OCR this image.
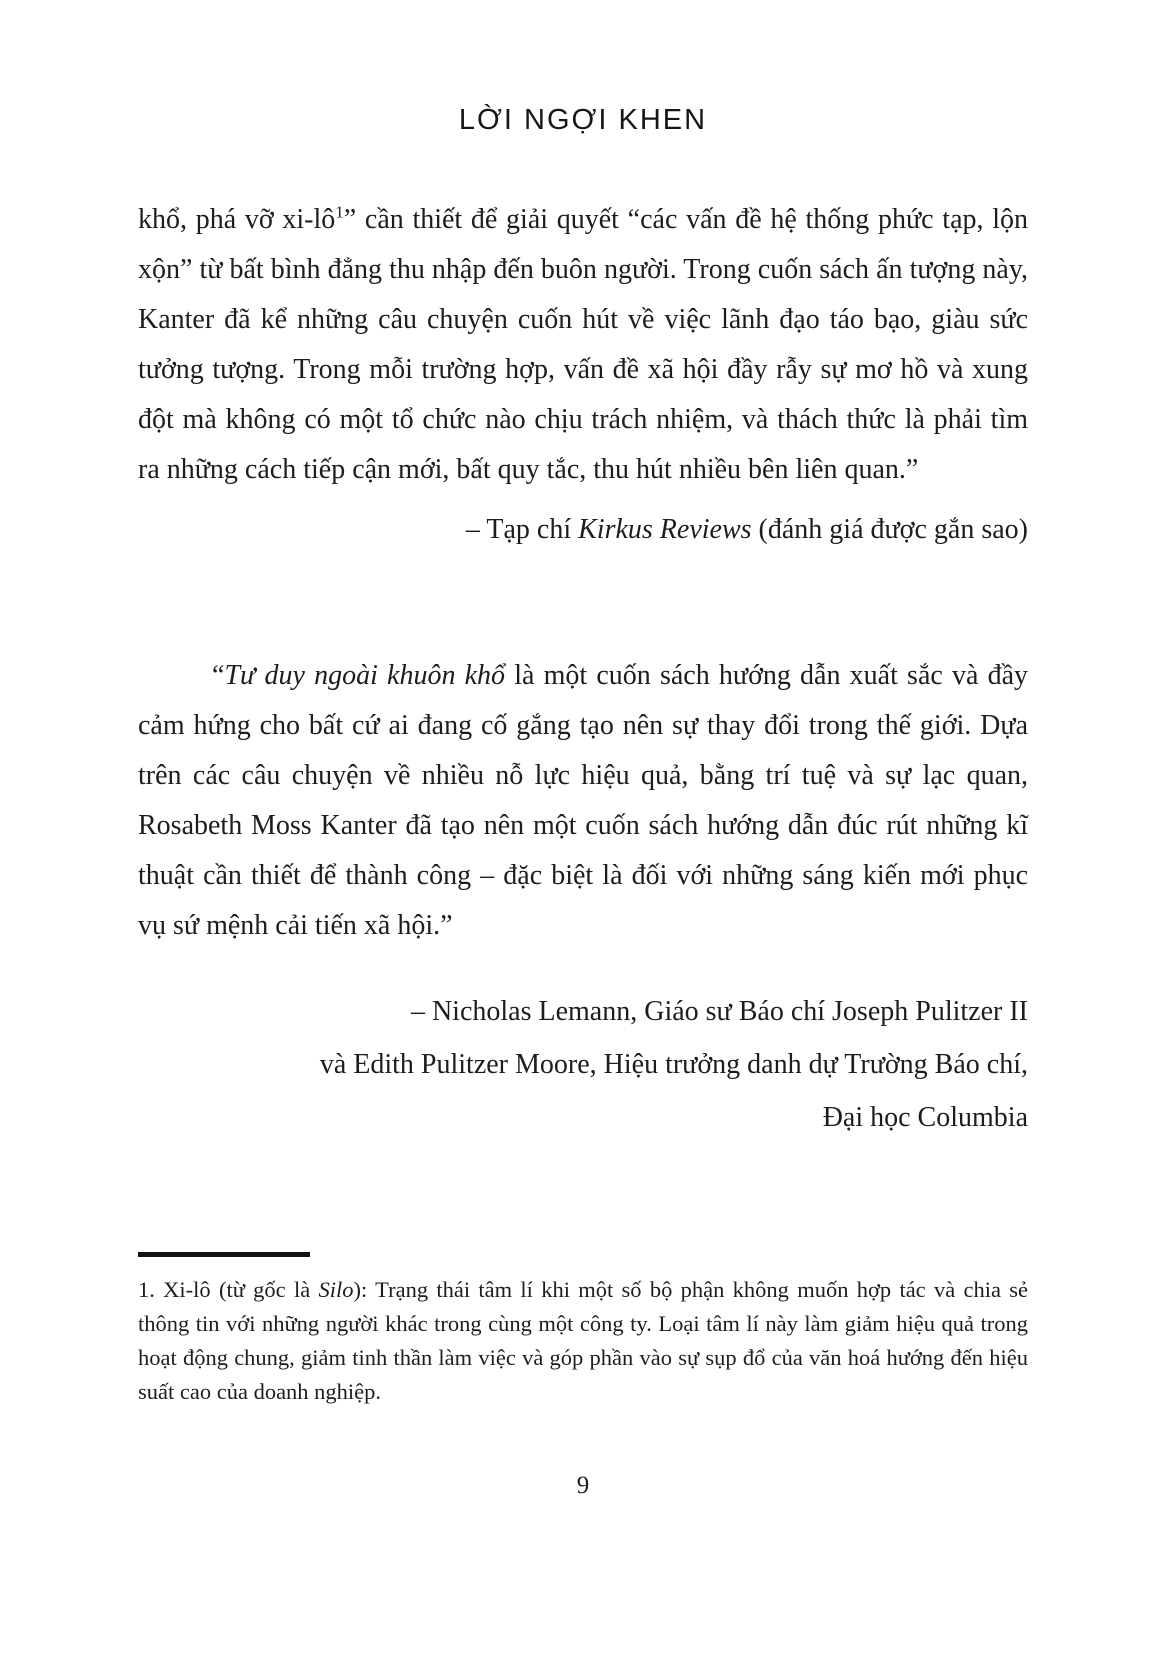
LỜI NGỢI KHEN

khổ, phá vỡ xi-lô$^1$” cần thiết để giải quyết “các vấn đề hệ thống phức tạp, lộn xộn” từ bất bình đẳng thu nhập đến buôn người. Trong cuốn sách ấn tượng này, Kanter đã kể những câu chuyện cuốn hút về việc lãnh đạo táo bạo, giàu sức tưởng tượng. Trong mỗi trường hợp, vấn đề xã hội đầy rẫy sự mơ hồ và xung đột mà không có một tổ chức nào chịu trách nhiệm, và thách thức là phải tìm ra những cách tiếp cận mới, bất quy tắc, thu hút nhiều bên liên quan.”

– Tạp chí Kirkus Reviews (đánh giá được gắn sao)

“Tư duy ngoài khuôn khổ là một cuốn sách hướng dẫn xuất sắc và đầy cảm hứng cho bất cứ ai đang cố gắng tạo nên sự thay đổi trong thế giới. Dựa trên các câu chuyện về nhiều nỗ lực hiệu quả, bằng trí tuệ và sự lạc quan, Rosabeth Moss Kanter đã tạo nên một cuốn sách hướng dẫn đúc rút những kĩ thuật cần thiết để thành công – đặc biệt là đối với những sáng kiến mới phục vụ sứ mệnh cải tiến xã hội.”

– Nicholas Lemann, Giáo sư Báo chí Joseph Pulitzer II
và Edith Pulitzer Moore, Hiệu trưởng danh dự Trường Báo chí,
Đại học Columbia

1. Xi-lô (từ gốc là Silo): Trạng thái tâm lí khi một số bộ phận không muốn hợp tác và chia sẻ thông tin với những người khác trong cùng một công ty. Loại tâm lí này làm giảm hiệu quả trong hoạt động chung, giảm tinh thần làm việc và góp phần vào sự sụp đổ của văn hoá hướng đến hiệu suất cao của doanh nghiệp.

9
